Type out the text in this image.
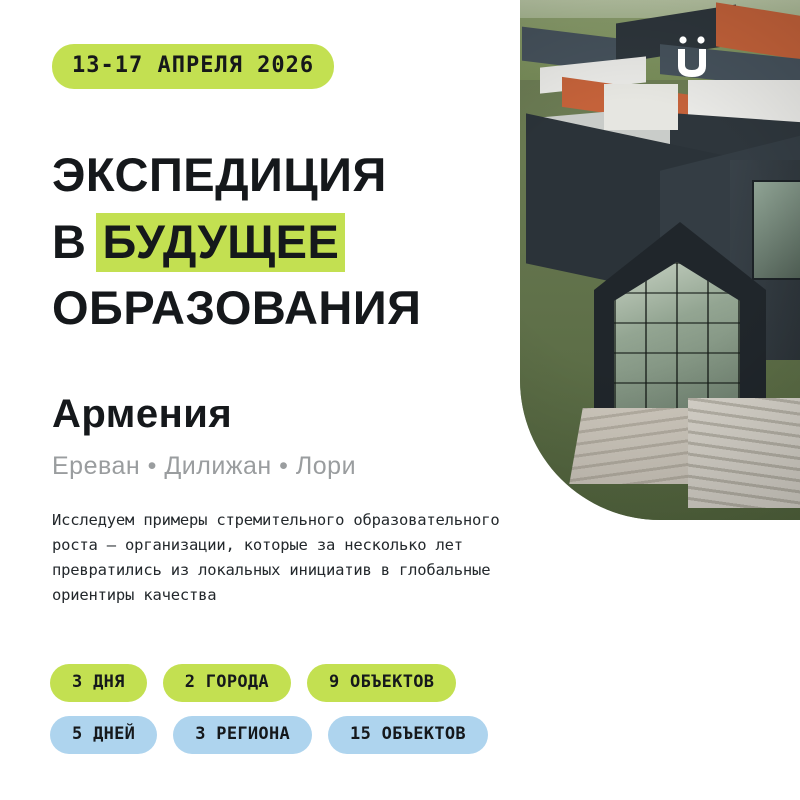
13-17 АПРЕЛЯ 2026
ЭКСПЕДИЦИЯ
В БУДУЩЕЕ
ОБРАЗОВАНИЯ
Армения
Ереван • Дилижан • Лори
Исследуем примеры стремительного образовательного роста — организации, которые за несколько лет превратились из локальных инициатив в глобальные ориентиры качества
3 ДНЯ	2 ГОРОДА	9 ОБЪЕКТОВ
5 ДНЕЙ	3 РЕГИОНА	15 ОБЪЕКТОВ
